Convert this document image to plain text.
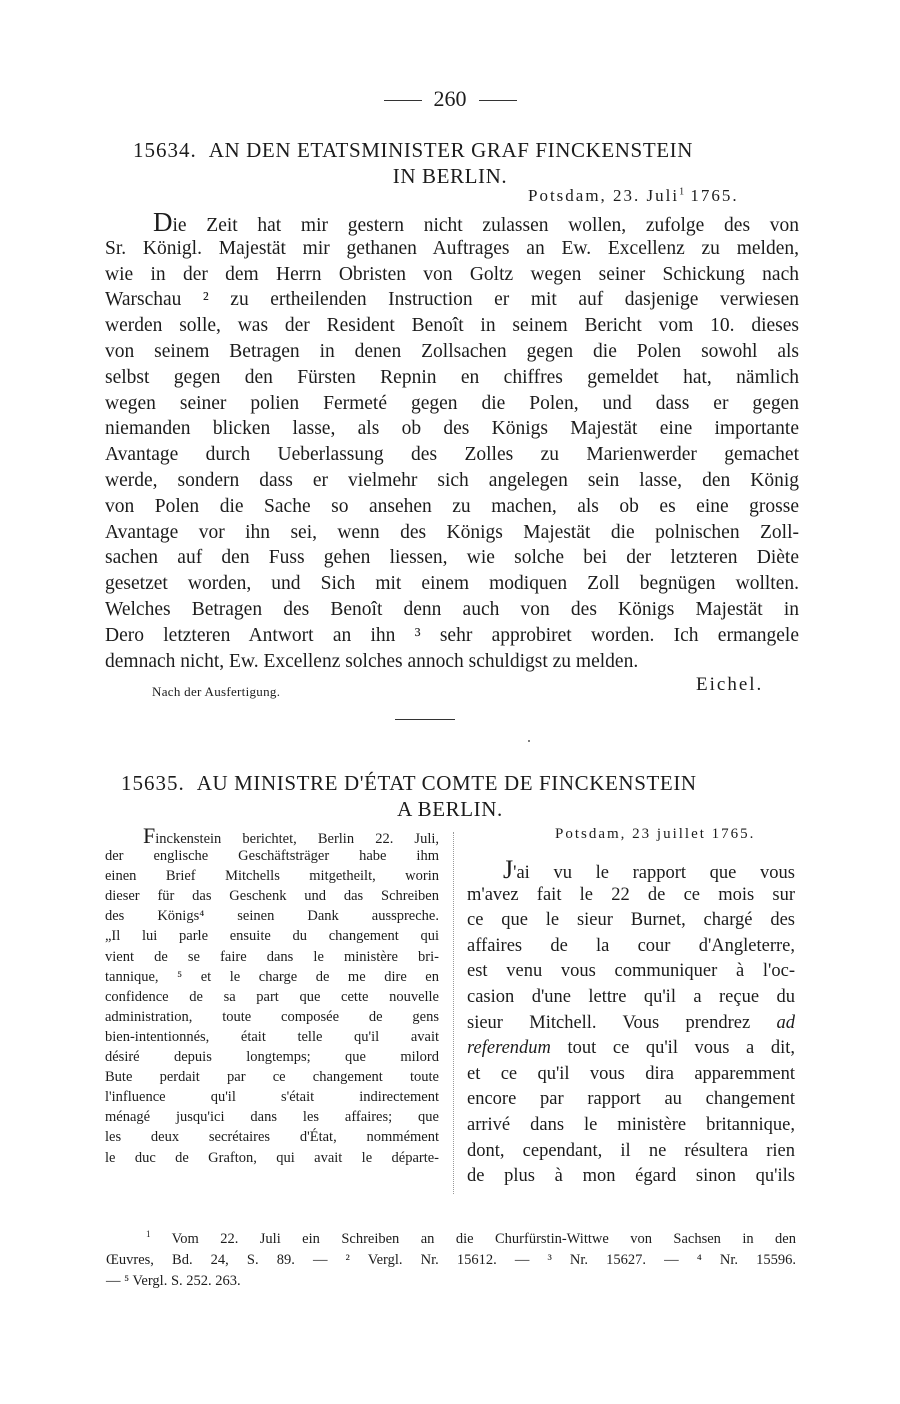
260
15634. AN DEN ETATSMINISTER GRAF FINCKENSTEIN
IN BERLIN.
Potsdam, 23. Juli$^1$ 1765.
Die Zeit hat mir gestern nicht zulassen wollen, zufolge des von
Sr. Königl. Majestät mir gethanen Auftrages an Ew. Excellenz zu melden,
wie in der dem Herrn Obristen von Goltz wegen seiner Schickung nach
Warschau ² zu ertheilenden Instruction er mit auf dasjenige verwiesen
werden solle, was der Resident Benoît in seinem Bericht vom 10. dieses
von seinem Betragen in denen Zollsachen gegen die Polen sowohl als
selbst gegen den Fürsten Repnin en chiffres gemeldet hat, nämlich
wegen seiner polien Fermeté gegen die Polen, und dass er gegen
niemanden blicken lasse, als ob des Königs Majestät eine importante
Avantage durch Ueberlassung des Zolles zu Marienwerder gemachet
werde, sondern dass er vielmehr sich angelegen sein lasse, den König
von Polen die Sache so ansehen zu machen, als ob es eine grosse
Avantage vor ihn sei, wenn des Königs Majestät die polnischen Zoll-
sachen auf den Fuss gehen liessen, wie solche bei der letzteren Diète
gesetzet worden, und Sich mit einem modiquen Zoll begnügen wollten.
Welches Betragen des Benoît denn auch von des Königs Majestät in
Dero letzteren Antwort an ihn ³ sehr approbiret worden. Ich ermangele
demnach nicht, Ew. Excellenz solches annoch schuldigst zu melden.
Nach der Ausfertigung.	Eichel.
15635. AU MINISTRE D'ÉTAT COMTE DE FINCKENSTEIN
A BERLIN.
Finckenstein berichtet, Berlin 22. Juli,
der englische Geschäftsträger habe ihm
einen Brief Mitchells mitgetheilt, worin
dieser für das Geschenk und das Schreiben
des Königs⁴ seinen Dank ausspreche.
„Il lui parle ensuite du changement qui
vient de se faire dans le ministère bri-
tannique, ⁵ et le charge de me dire en
confidence de sa part que cette nouvelle
administration, toute composée de gens
bien-intentionnés, était telle qu'il avait
désiré depuis longtemps; que milord
Bute perdait par ce changement toute
l'influence qu'il s'était indirectement
ménagé jusqu'ici dans les affaires; que
les deux secrétaires d'État, nommément
le duc de Grafton, qui avait le départe-
Potsdam, 23 juillet 1765.
J'ai vu le rapport que vous
m'avez fait le 22 de ce mois sur
ce que le sieur Burnet, chargé des
affaires de la cour d'Angleterre,
est venu vous communiquer à l'oc-
casion d'une lettre qu'il a reçue du
sieur Mitchell. Vous prendrez ad
referendum tout ce qu'il vous a dit,
et ce qu'il vous dira apparemment
encore par rapport au changement
arrivé dans le ministère britannique,
dont, cependant, il ne résultera rien
de plus à mon égard sinon qu'ils
$^1$ Vom 22. Juli ein Schreiben an die Churfürstin-Wittwe von Sachsen in den
Œuvres, Bd. 24, S. 89. — ² Vergl. Nr. 15612. — ³ Nr. 15627. — ⁴ Nr. 15596.
— ⁵ Vergl. S. 252. 263.
